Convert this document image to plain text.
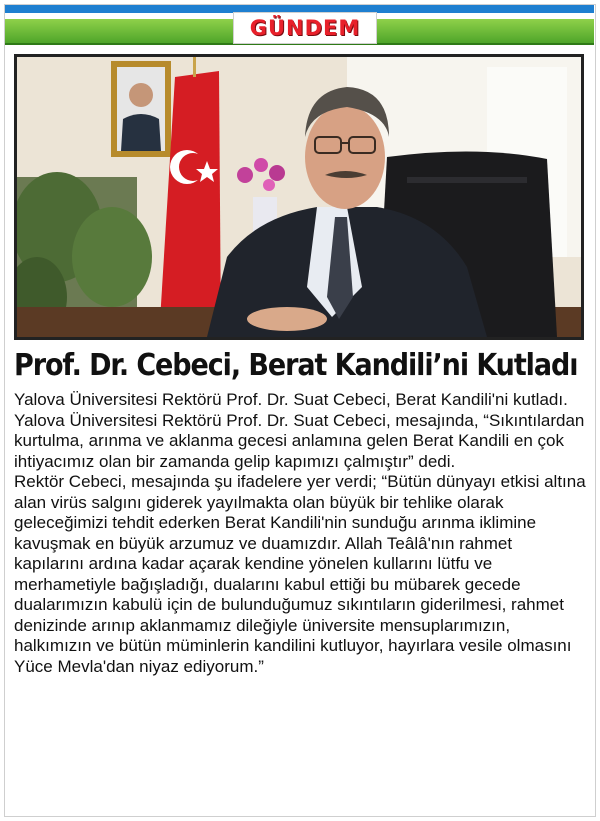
GÜNDEM
Prof. Dr. Cebeci, Berat Kandili’ni Kutladı

Yalova Üniversitesi Rektörü Prof. Dr. Suat Cebeci, Berat Kandili'ni kutladı.

Yalova Üniversitesi Rektörü Prof. Dr. Suat Cebeci, mesajında, “Sıkıntılardan kurtulma, arınma ve aklanma gecesi anlamına gelen Berat Kandili en çok ihtiyacımız olan bir zamanda gelip kapımızı çalmıştır” dedi.

Rektör Cebeci, mesajında şu ifadelere yer verdi; “Bütün dünyayı etkisi altına alan virüs salgını giderek yayılmakta olan büyük bir tehlike olarak geleceğimizi tehdit ederken Berat Kandili'nin sunduğu arınma iklimine kavuşmak en büyük arzumuz ve duamızdır. Allah Teâlâ'nın rahmet kapılarını ardına kadar açarak kendine yönelen kullarını lütfu ve merhametiyle bağışladığı, dualarını kabul ettiği bu mübarek gecede dualarımızın kabulü için de bulunduğumuz sıkıntıların giderilmesi, rahmet denizinde arınıp aklanmamız dileğiyle üniversite mensuplarımızın, halkımızın ve bütün müminlerin kandilini kutluyor, hayırlara vesile olmasını Yüce Mevla'dan niyaz ediyorum.”
